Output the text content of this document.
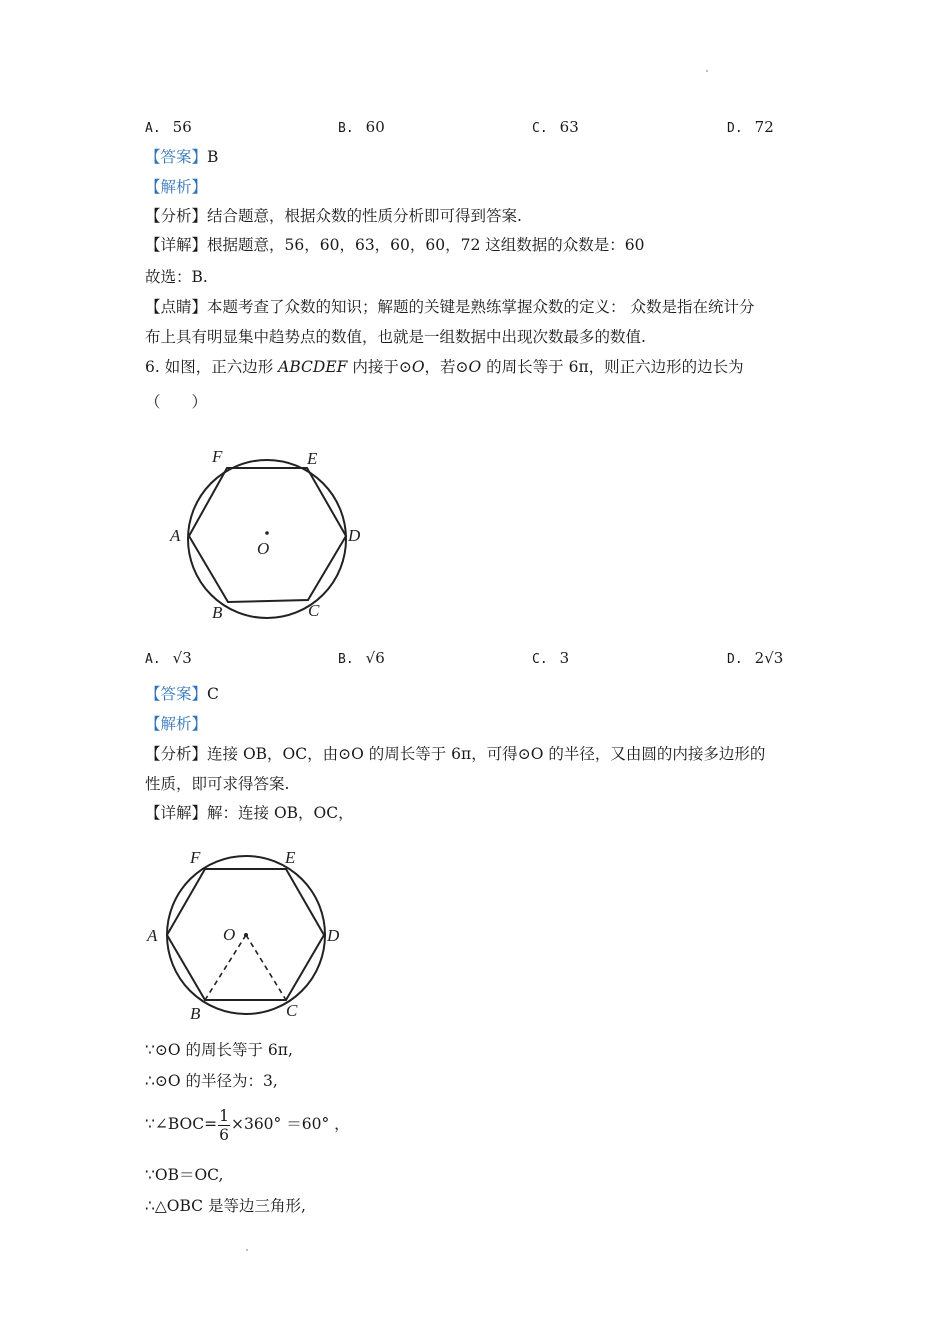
A. 56	B. 60	C. 63	D. 72
【答案】B
【解析】
【分析】结合题意，根据众数的性质分析即可得到答案.
【详解】根据题意，56，60，63，60，60，72 这组数据的众数是：60
故选：B.
【点睛】本题考查了众数的知识；解题的关键是熟练掌握众数的定义： 众数是指在统计分
布上具有明显集中趋势点的数值，也就是一组数据中出现次数最多的数值.
6. 如图，正六边形 ABCDEF 内接于⊙O，若⊙O 的周长等于 6π，则正六边形的边长为
（　　）
F	E
A	D
B	C
O
A. √3	B. √6	C. 3	D. 2√3
【答案】C
【解析】
【分析】连接 OB，OC，由⊙O 的周长等于 6π，可得⊙O 的半径，又由圆的内接多边形的
性质，即可求得答案.
【详解】解：连接 OB，OC，
F	E
A	D
B	C
O
∵⊙O 的周长等于 6π,
∴⊙O 的半径为：3,
∵∠BOC= $\frac{1}{6} \times 360^\circ =60^\circ$ ，
∵OB＝OC,
∴△OBC 是等边三角形,
